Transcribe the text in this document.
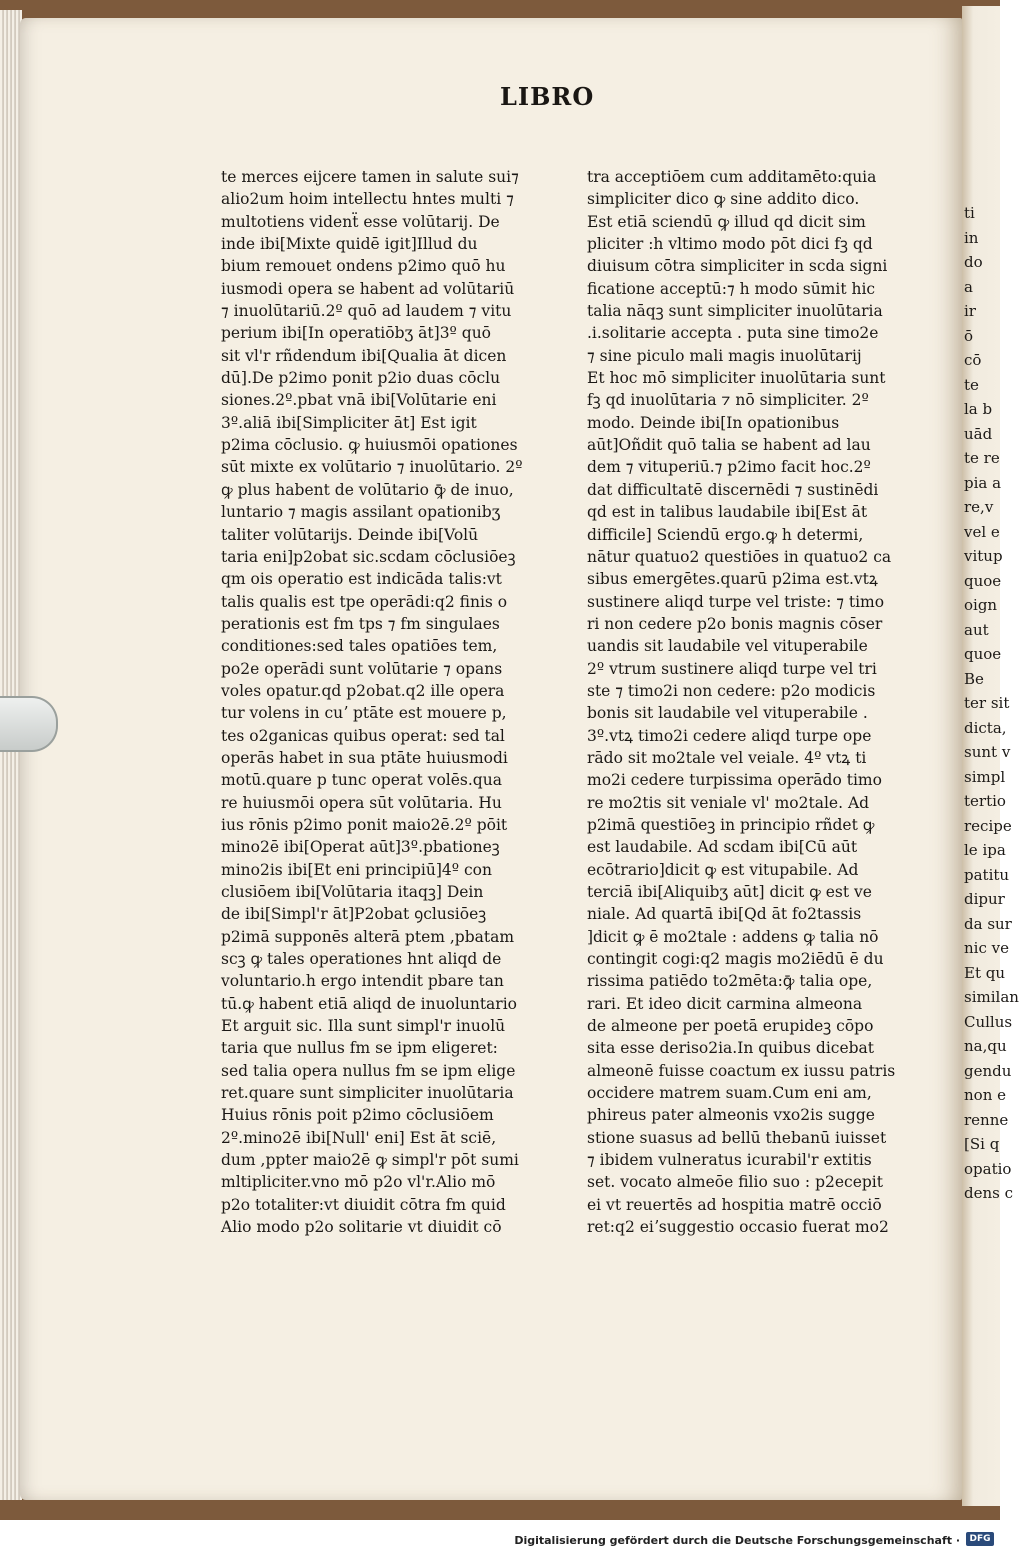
ti
in
do
a
ir
ō
cō
te
la b
uād
te re
pia a
re,v
vel e
vitup
quoe
oign
aut
quoe
Be
ter sit
dicta,
sunt v
simpl
tertio
recipe
le ipa
patitu
dipur
da sur
nic ve
Et qu
similan
Cullus
na,qu
gendu
non e
renne
[Si q
opatio
dens c
LIBRO
te merces eijcere tamen in salute sui⁊
alio2um hoim intellectu hntes multi ⁊
multotiens videnẗ esse volūtarij. De
inde ibi[Mixte quidē igit]Illud du
bium remouet ondens p2imo quō hu
iusmodi opera se habent ad volūtariū
⁊ inuolūtariū.2º quō ad laudem ⁊ vitu
perium ibi[In operatiōbʒ āt]3º quō
sit vl'r rñdendum ibi[Qualia āt dicen
dū].De p2imo ponit p2io duas cōclu
siones.2º.pbat vnā ibi[Volūtarie eni
3º.aliā ibi[Simpliciter āt] Est igit
p2ima cōclusio. ꝙ huiusmōi opationes
sūt mixte ex volūtario ⁊ inuolūtario. 2º
ꝙ plus habent de volūtario ꝙ̄ de inuo,
luntario ⁊ magis assilant opationibʒ
taliter volūtarijs. Deinde ibi[Volū
taria eni]p2obat sic.scdam cōclusiōeꝫ
qm ois operatio est indicāda talis:vt
talis qualis est tpe operādi:q2 finis o
perationis est fm tps ⁊ fm singulaes
conditiones:sed tales opatiōes tem,
po2e operādi sunt volūtarie ⁊ opans
voles opatur.qd p2obat.q2 ille opera
tur volens in cuʼ ptāte est mouere p,
tes o2ganicas quibus operat: sed tal
operās habet in sua ptāte huiusmodi
motū.quare p tunc operat volēs.qua
re huiusmōi opera sūt volūtaria. Hu
ius rōnis p2imo ponit maio2ē.2º pōit
mino2ē ibi[Operat aūt]3º.pbationeꝫ
mino2is ibi[Et eni principiū]4º con
clusiōem ibi[Volūtaria itaqꝫ] Dein
de ibi[Simpl'r āt]P2obat ꝯclusiōeꝫ
p2imā supponēs alterā ptem ,pbatam
scꝫ ꝙ tales operationes hnt aliqd de
voluntario.h ergo intendit pbare tan
tū.ꝙ habent etiā aliqd de inuoluntario
Et arguit sic. Illa sunt simpl'r inuolū
taria que nullus fm se ipm eligeret:
sed talia opera nullus fm se ipm elige
ret.quare sunt simpliciter inuolūtaria
Huius rōnis poit p2imo cōclusiōem
2º.mino2ē ibi[Null' eni] Est āt sciē,
dum ,ppter maio2ē ꝙ simpl'r pōt sumi
mltipliciter.vno mō p2o vl'r.Alio mō
p2o totaliter:vt diuidit cōtra fm quid
Alio modo p2o solitarie vt diuidit cō
tra acceptiōem cum additamēto:quia
simpliciter dico ꝙ sine addito dico.
Est etiā sciendū ꝙ illud qd dicit sim
pliciter :h vltimo modo pōt dici fꝫ qd
diuisum cōtra simpliciter in scda signi
ficatione acceptū:⁊ h modo sūmit hic
talia nāqꝫ sunt simpliciter inuolūtaria
.i.solitarie accepta . puta sine timo2e
⁊ sine piculo mali magis inuolūtarij
Et hoc mō simpliciter inuolūtaria sunt
fꝫ qd inuolūtaria ⁊ nō simpliciter. 2º
modo. Deinde ibi[In opationibus
aūt]Oñdit quō talia se habent ad lau
dem ⁊ vituperiū.⁊ p2imo facit hoc.2º
dat difficultatē discernēdi ⁊ sustinēdi
qd est in talibus laudabile ibi[Est āt
difficile] Sciendū ergo.ꝙ h determi,
nātur quatuo2 questiōes in quatuo2 ca
sibus emergētes.quarū p2ima est.vtꝝ
sustinere aliqd turpe vel triste: ⁊ timo
ri non cedere p2o bonis magnis cōser
uandis sit laudabile vel vituperabile
2º vtrum sustinere aliqd turpe vel tri
ste ⁊ timo2i non cedere: p2o modicis
bonis sit laudabile vel vituperabile .
3º.vtꝝ timo2i cedere aliqd turpe ope
rādo sit mo2tale vel veiale. 4º vtꝝ ti
mo2i cedere turpissima operādo timo
re mo2tis sit veniale vl' mo2tale. Ad
p2imā questiōeꝫ in principio rñdet ꝙ
est laudabile. Ad scdam ibi[Cū aūt
ecōtrario]dicit ꝙ est vitupabile. Ad
terciā ibi[Aliquibʒ aūt] dicit ꝙ est ve
niale. Ad quartā ibi[Qd āt fo2tassis
]dicit ꝙ ē mo2tale : addens ꝙ talia nō
contingit cogi:q2 magis mo2iēdū ē du
rissima patiēdo to2mēta:ꝙ̄ talia ope,
rari. Et ideo dicit carmina almeona
de almeone per poetā erupideꝫ cōpo
sita esse deriso2ia.In quibus dicebat
almeonē fuisse coactum ex iussu patris
occidere matrem suam.Cum eni am,
phireus pater almeonis vxo2is sugge
stione suasus ad bellū thebanū iuisset
⁊ ibidem vulneratus icurabil'r extitis
set. vocato almeōe filio suo : p2ecepit
ei vt reuertēs ad hospitia matrē occiō
ret:q2 eiʼsuggestio occasio fuerat mo2
Digitalisierung gefördert durch die Deutsche Forschungsgemeinschaft ·	DFG
